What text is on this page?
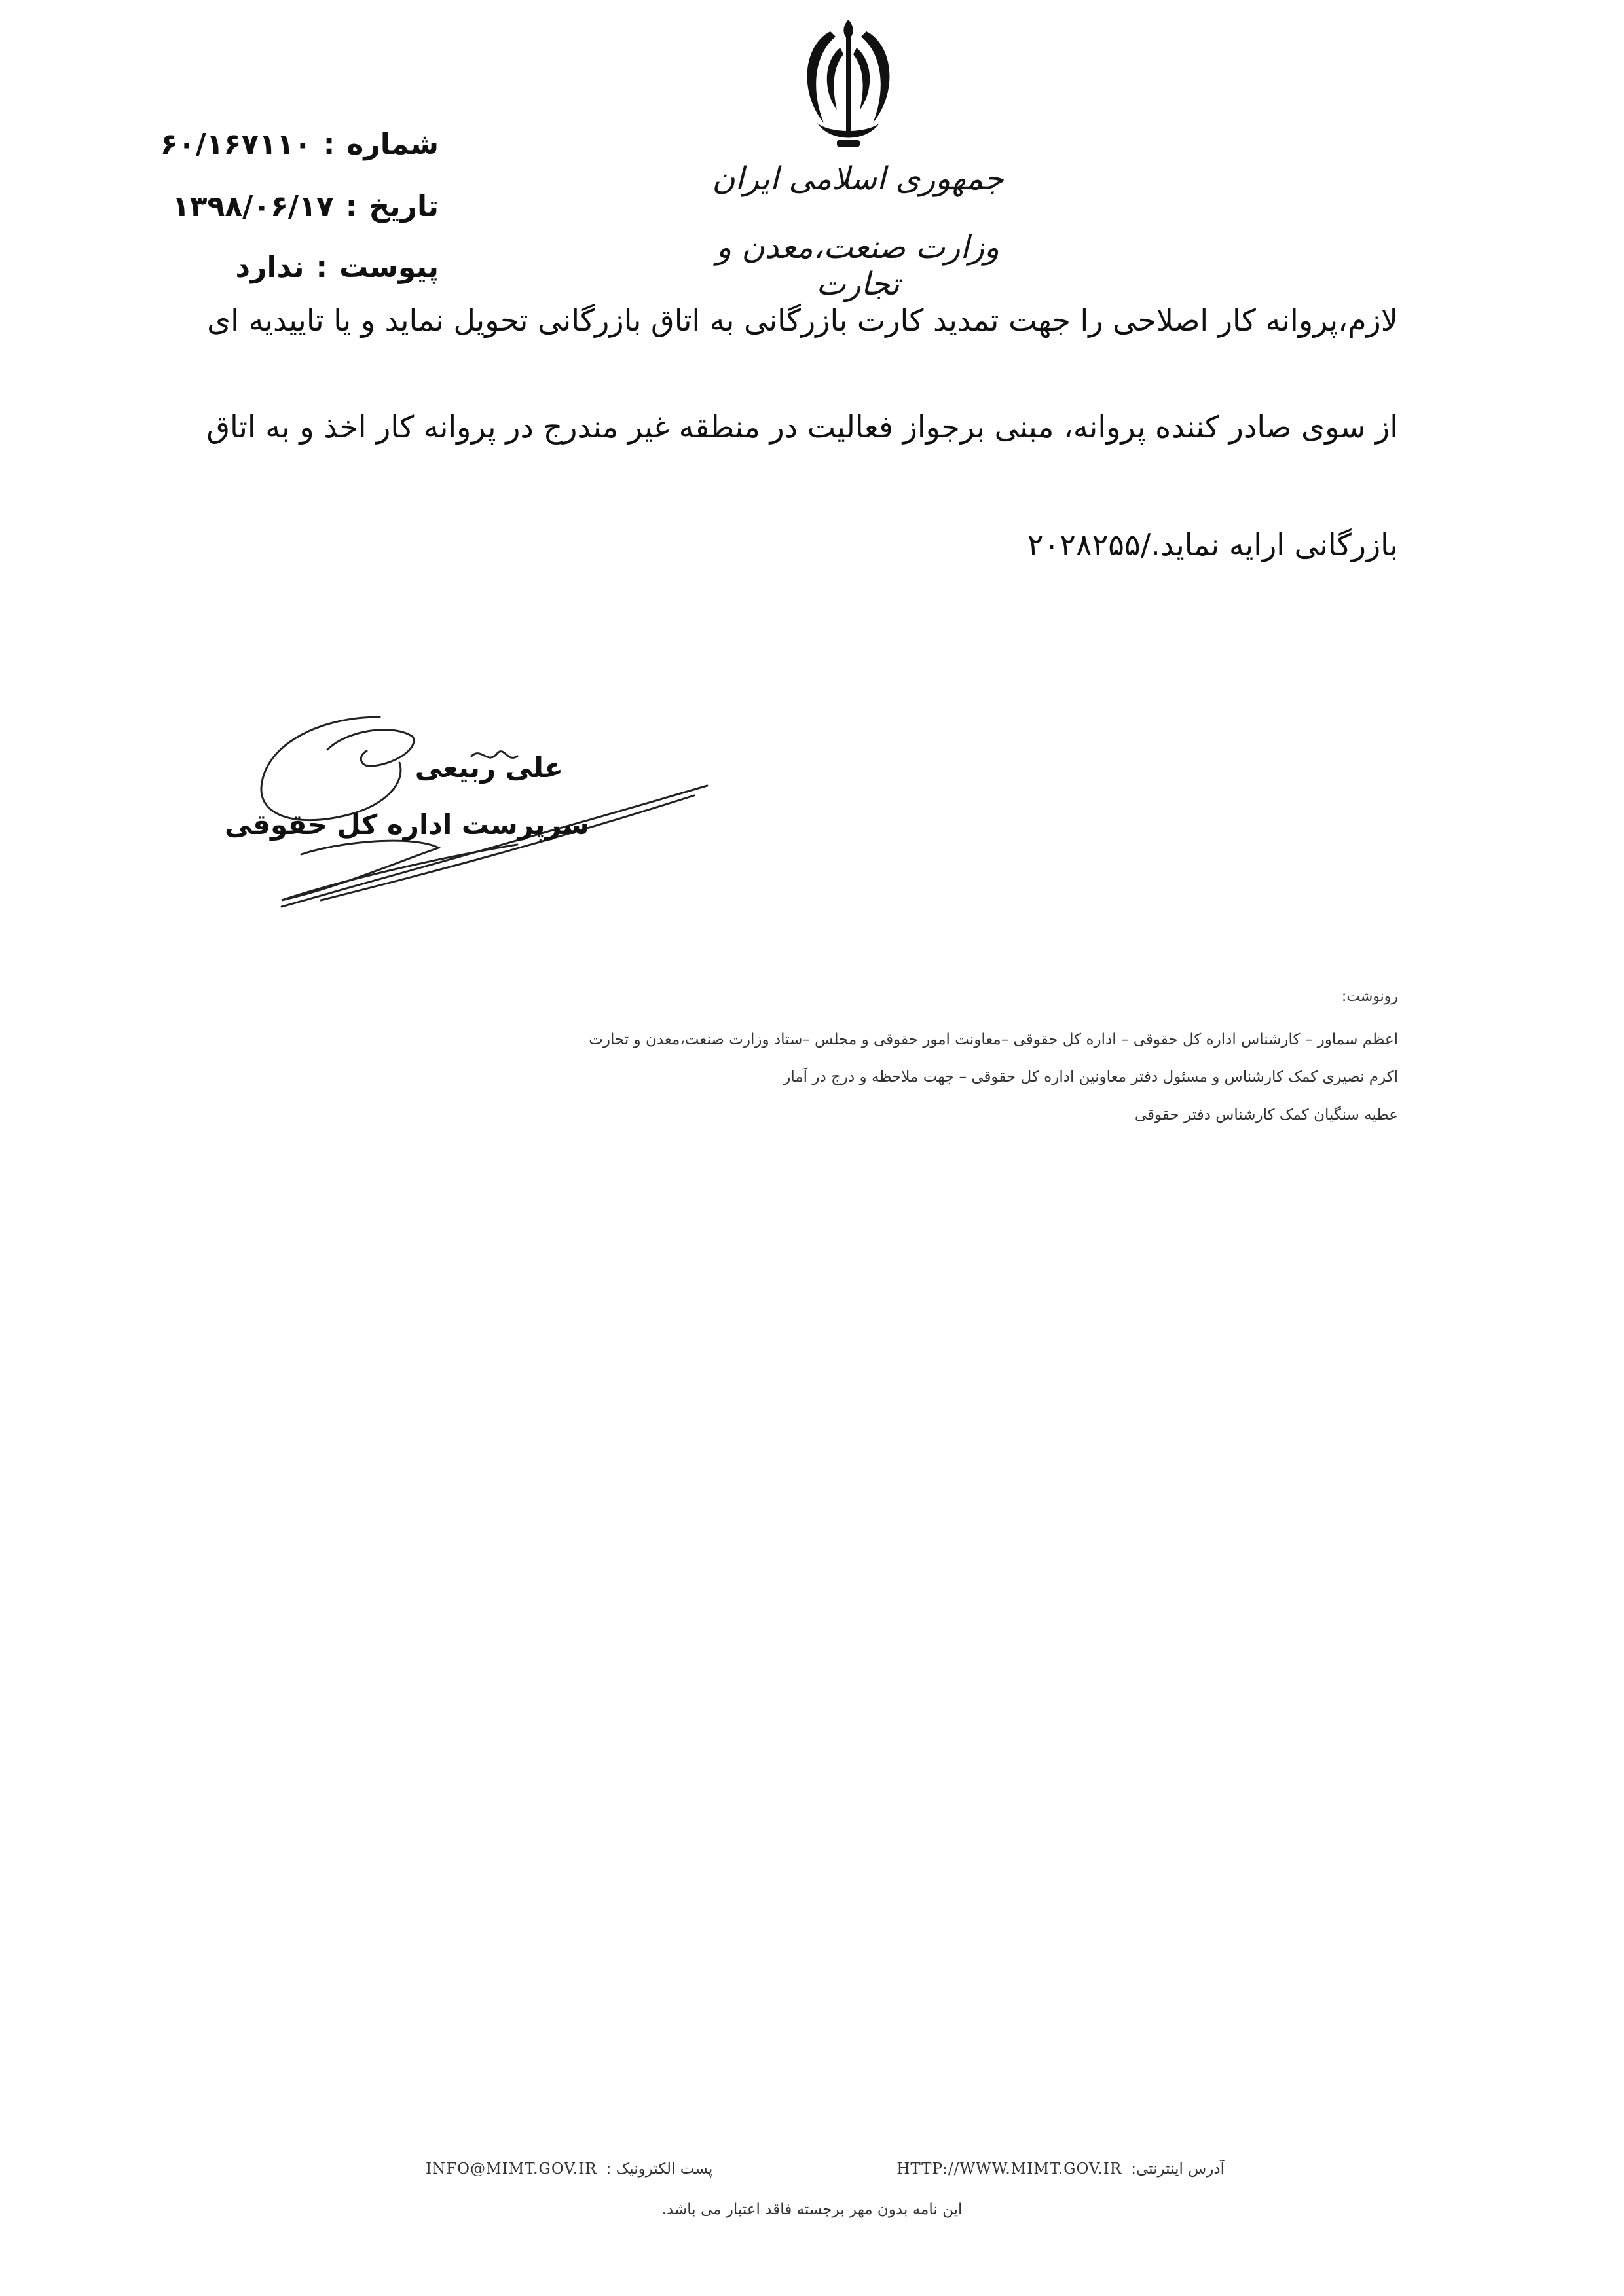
جمهوری اسلامی ایران
وزارت صنعت،معدن و تجارت
شماره
:
۶۰/۱۶۷۱۱۰
تاریخ
:
۱۳۹۸/۰۶/۱۷
پیوست
:
ندارد
لازم،پروانه کار اصلاحی را جهت تمدید کارت بازرگانی به اتاق بازرگانی تحویل نماید و یا تاییدیه ای
از سوی صادر کننده پروانه، مبنی برجواز فعالیت در منطقه غیر مندرج در پروانه کار اخذ و به اتاق
بازرگانی ارایه نماید./۲۰۲۸۲۵۵
علی ربیعی
سرپرست اداره کل حقوقی
رونوشت:
اعظم سماور – کارشناس اداره کل حقوقی – اداره کل حقوقی –معاونت امور حقوقی و مجلس –ستاد وزارت صنعت،معدن و تجارت
اکرم نصیری کمک کارشناس و مسئول دفتر معاونین اداره کل حقوقی – جهت ملاحظه و درج در آمار
عطیه سنگیان کمک کارشناس دفتر حقوقی
INFO@MIMT.GOV.IR پست الکترونیک :	HTTP://WWW.MIMT.GOV.IR آدرس اینترنتی:
این نامه بدون مهر برجسته فاقد اعتبار می باشد.
